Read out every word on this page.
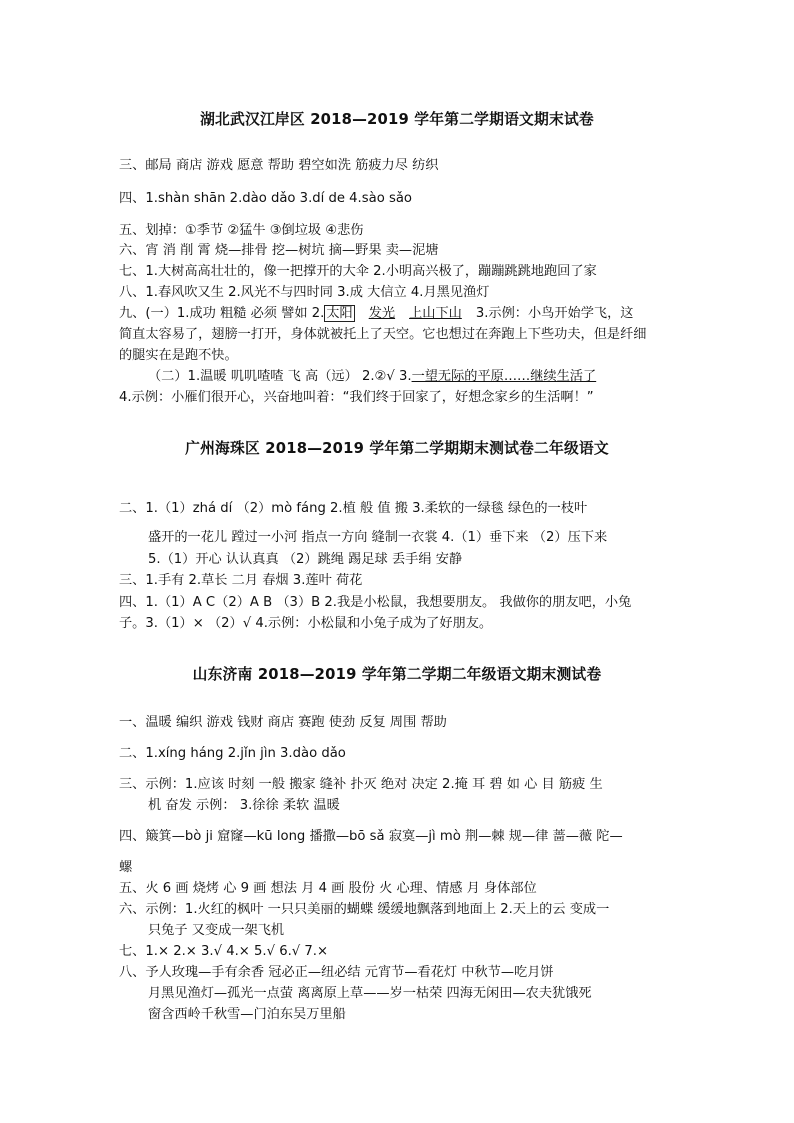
湖北武汉江岸区 2018—2019 学年第二学期语文期末试卷
三、邮局 商店 游戏 愿意 帮助 碧空如洗 筋疲力尽 纺织
四、1.shàn shān 2.dào dǎo 3.dí de 4.sào sǎo
五、划掉：①季节 ②猛牛 ③倒垃圾 ④悲伤
六、宵 消 削 霄 烧—排骨 挖—树坑 摘—野果 卖—泥塘
七、1.大树高高壮壮的，像一把撑开的大伞 2.小明高兴极了，蹦蹦跳跳地跑回了家
八、1.春风吹又生 2.风光不与四时同 3.成 大信立 4.月黑见渔灯
九、(一）1.成功 粗糙 必须 譬如 2. 太阳 发光 上山下山 3.示例：小鸟开始学飞，这
简直太容易了，翅膀一打开，身体就被托上了天空。它也想过在奔跑上下些功夫，但是纤细
的腿实在是跑不快。
（二）1.温暖 叽叽喳喳 飞 高（远） 2.②√ 3.一望无际的平原……继续生活了
4.示例：小雁们很开心，兴奋地叫着：“我们终于回家了，好想念家乡的生活啊！”
广州海珠区 2018—2019 学年第二学期期末测试卷二年级语文
二、1.（1）zhá dí （2）mò fáng 2.植 般 值 搬 3.柔软的一绿毯 绿色的一枝叶
盛开的一花儿 蹚过一小河 指点一方向 缝制一衣裳 4.（1）垂下来 （2）压下来
5.（1）开心 认认真真 （2）跳绳 踢足球 丢手绢 安静
三、1.手有 2.草长 二月 春烟 3.莲叶 荷花
四、1.（1）A C（2）A B （3）B 2.我是小松鼠，我想要朋友。 我做你的朋友吧，小兔
子。3.（1）× （2）√ 4.示例：小松鼠和小兔子成为了好朋友。
山东济南 2018—2019 学年第二学期二年级语文期末测试卷
一、温暖 编织 游戏 钱财 商店 赛跑 使劲 反复 周围 帮助
二、1.xíng háng 2.jǐn jìn 3.dào dǎo
三、示例：1.应该 时刻 一般 搬家 缝补 扑灭 绝对 决定 2.掩 耳 碧 如 心 目 筋疲 生
机 奋发 示例： 3.徐徐 柔软 温暖
四、簸箕—bò ji 窟窿—kū long 播撒—bō sǎ 寂寞—jì mò 荆—棘 规—律 蔷—薇 陀—
螺
五、火 6 画 烧烤 心 9 画 想法 月 4 画 股份 火 心理、情感 月 身体部位
六、示例：1.火红的枫叶 一只只美丽的蝴蝶 缓缓地飘落到地面上 2.天上的云 变成一
只兔子 又变成一架飞机
七、1.× 2.× 3.√ 4.× 5.√ 6.√ 7.×
八、予人玫瑰—手有余香 冠必正—纽必结 元宵节—看花灯 中秋节—吃月饼
月黑见渔灯—孤光一点萤 离离原上草——岁一枯荣 四海无闲田—农夫犹饿死
窗含西岭千秋雪—门泊东吴万里船
